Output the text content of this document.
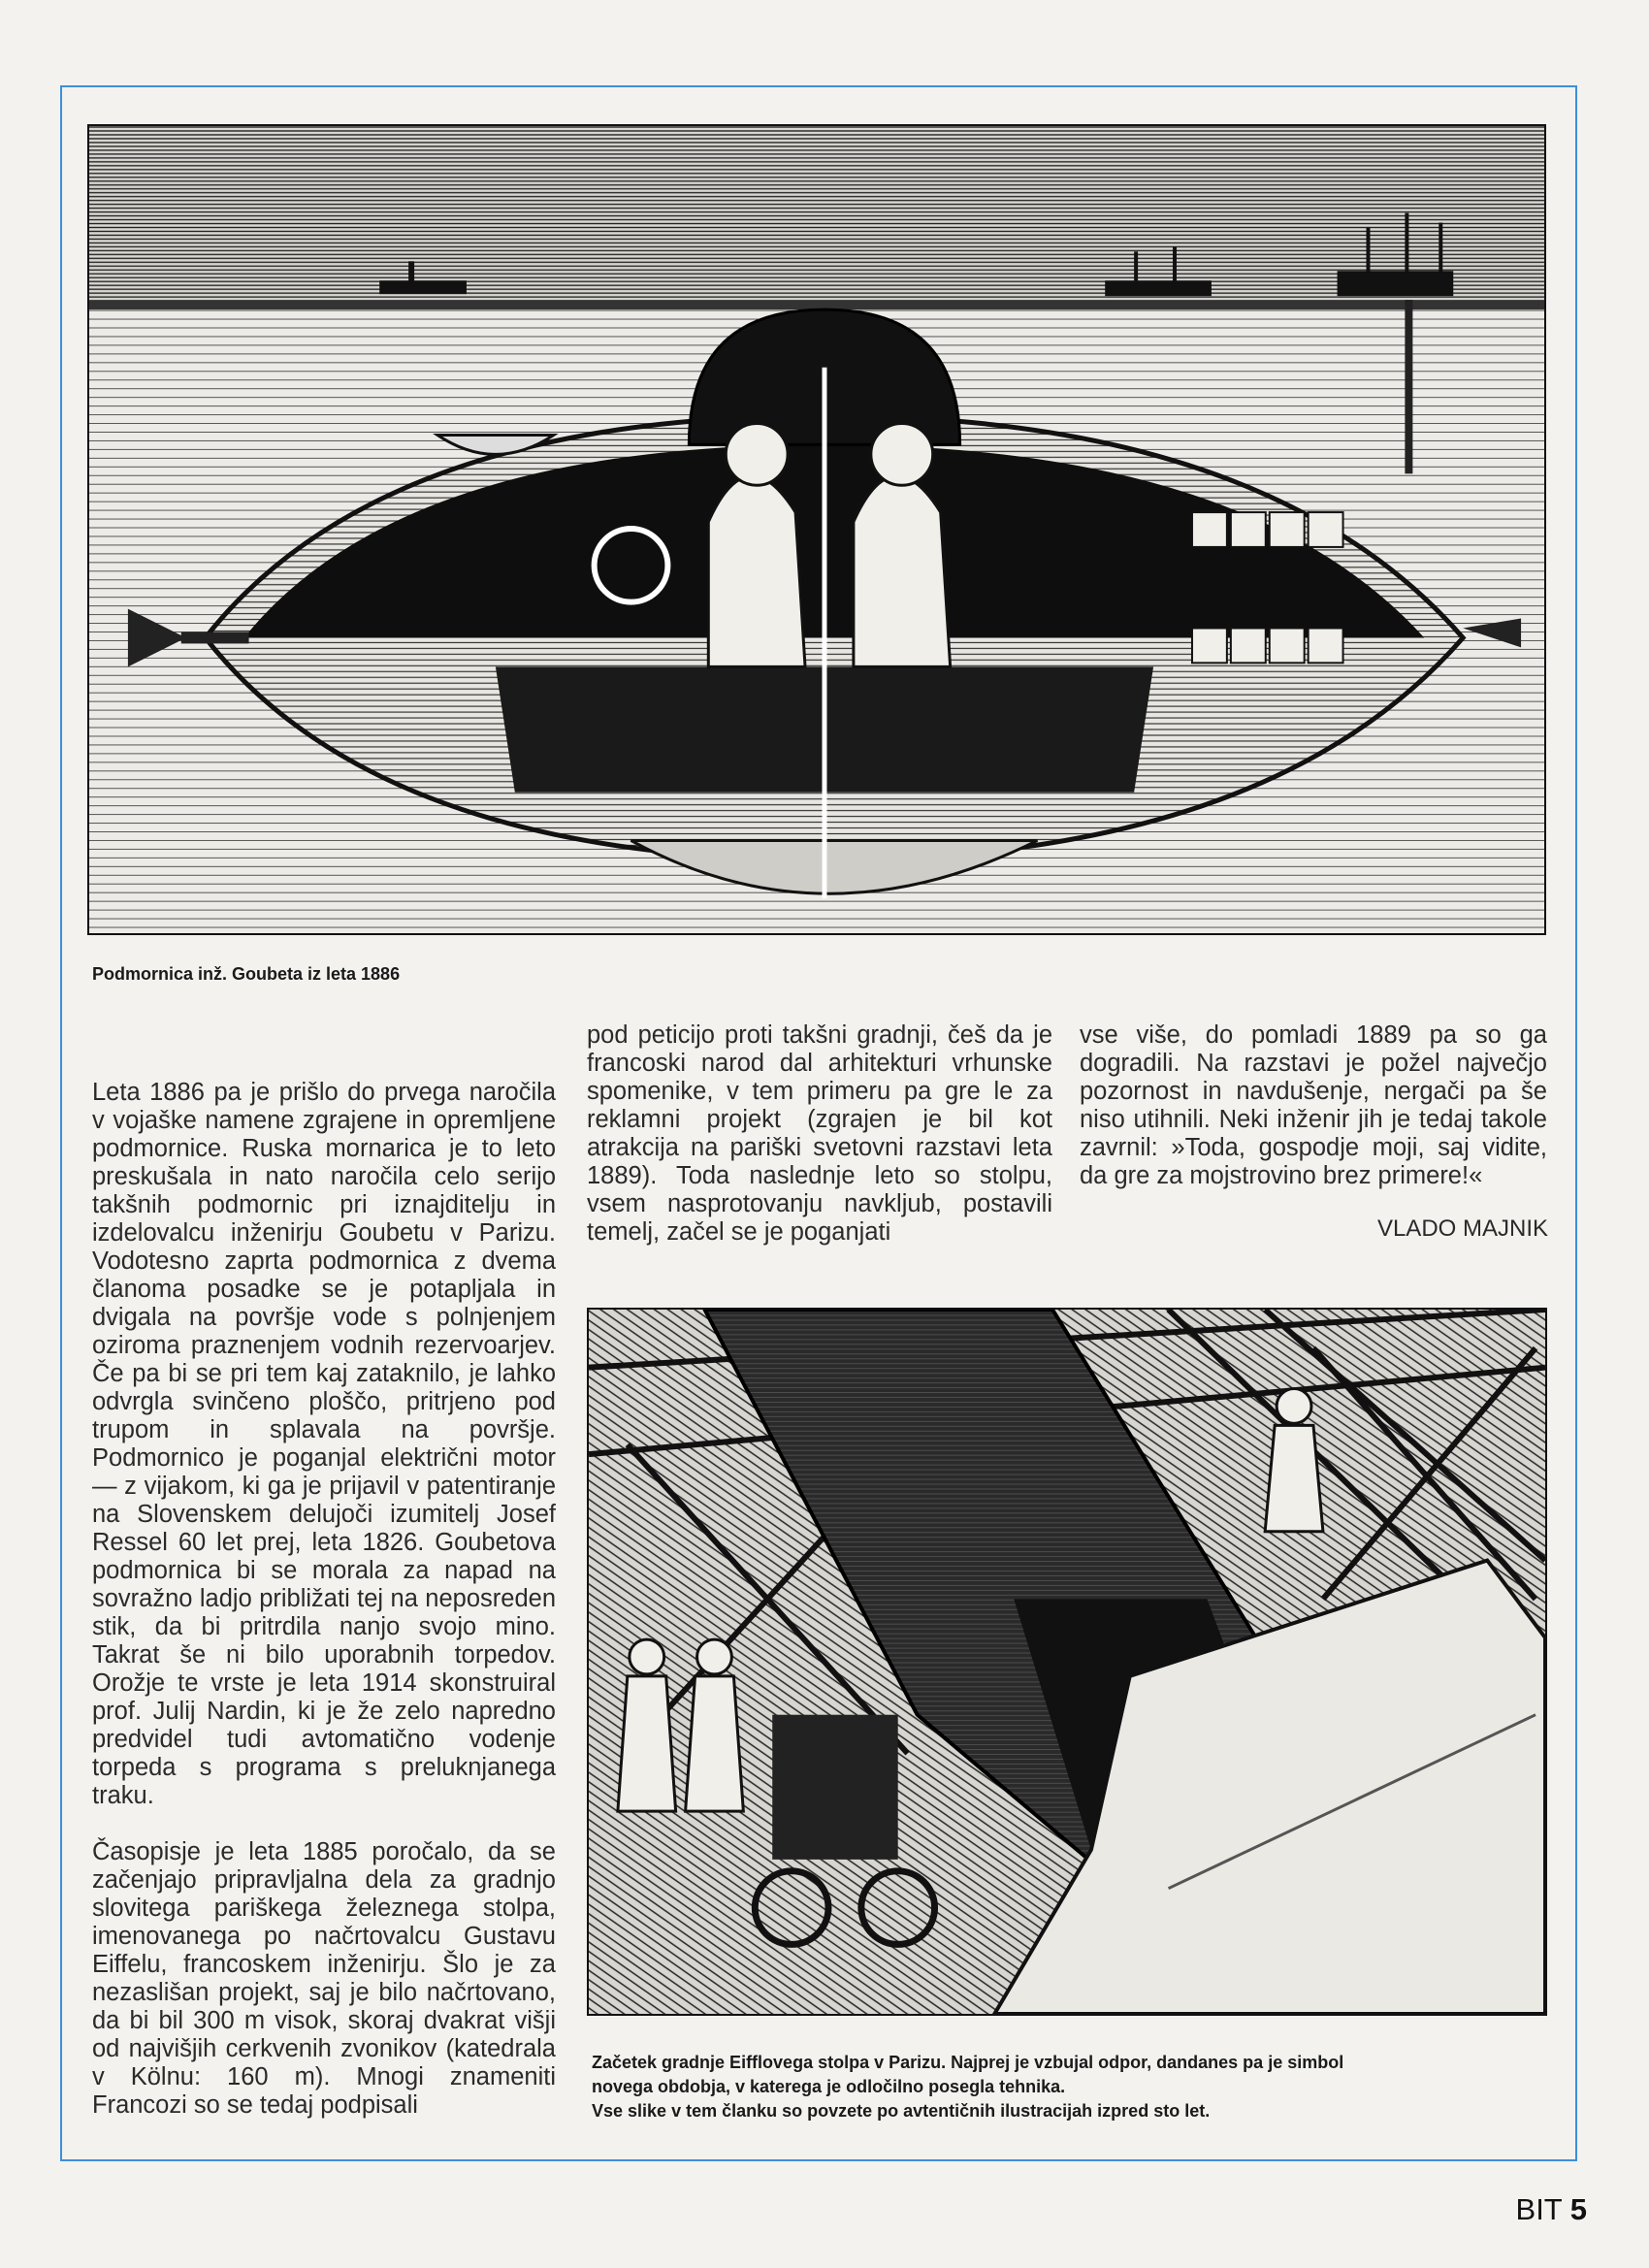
Podmornica inž. Goubeta iz leta 1886

Leta 1886 pa je prišlo do prvega naročila v vojaške namene zgrajene in opremljene podmornice. Ruska mornarica je to leto preskušala in nato naročila celo serijo takšnih podmornic pri iznajditelju in izdelovalcu inženirju Goubetu v Parizu. Vodotesno zaprta podmornica z dvema članoma posadke se je potapljala in dvigala na površje vode s polnjenjem oziroma praznenjem vodnih rezervoarjev. Če pa bi se pri tem kaj zataknilo, je lahko odvrgla svinčeno ploščo, pritrjeno pod trupom in splavala na površje. Podmornico je poganjal električni motor — z vijakom, ki ga je prijavil v patentiranje na Slovenskem delujoči izumitelj Josef Ressel 60 let prej, leta 1826. Goubetova podmornica bi se morala za napad na sovražno ladjo približati tej na neposreden stik, da bi pritrdila nanjo svojo mino. Takrat še ni bilo uporabnih torpedov. Orožje te vrste je leta 1914 skonstruiral prof. Julij Nardin, ki je že zelo napredno predvidel tudi avtomatično vodenje torpeda s programa s preluknjanega traku.

Časopisje je leta 1885 poročalo, da se začenjajo pripravljalna dela za gradnjo slovitega pariškega železnega stolpa, imenovanega po načrtovalcu Gustavu Eiffelu, francoskem inženirju. Šlo je za nezaslišan projekt, saj je bilo načrtovano, da bi bil 300 m visok, skoraj dvakrat višji od najvišjih cerkvenih zvonikov (katedrala v Kölnu: 160 m). Mnogi znameniti Francozi so se tedaj podpisali

pod peticijo proti takšni gradnji, češ da je francoski narod dal arhitekturi vrhunske spomenike, v tem primeru pa gre le za reklamni projekt (zgrajen je bil kot atrakcija na pariški svetovni razstavi leta 1889). Toda naslednje leto so stolpu, vsem nasprotovanju navkljub, postavili temelj, začel se je poganjati

vse više, do pomladi 1889 pa so ga dogradili. Na razstavi je požel največjo pozornost in navdušenje, nergači pa še niso utihnili. Neki inženir jih je tedaj takole zavrnil: »Toda, gospodje moji, saj vidite, da gre za mojstrovino brez primere!«

VLADO MAJNIK
Začetek gradnje Eifflovega stolpa v Parizu. Najprej je vzbujal odpor, dandanes pa je simbol
novega obdobja, v katerega je odločilno posegla tehnika.
Vse slike v tem članku so povzete po avtentičnih ilustracijah izpred sto let.
BIT 5
